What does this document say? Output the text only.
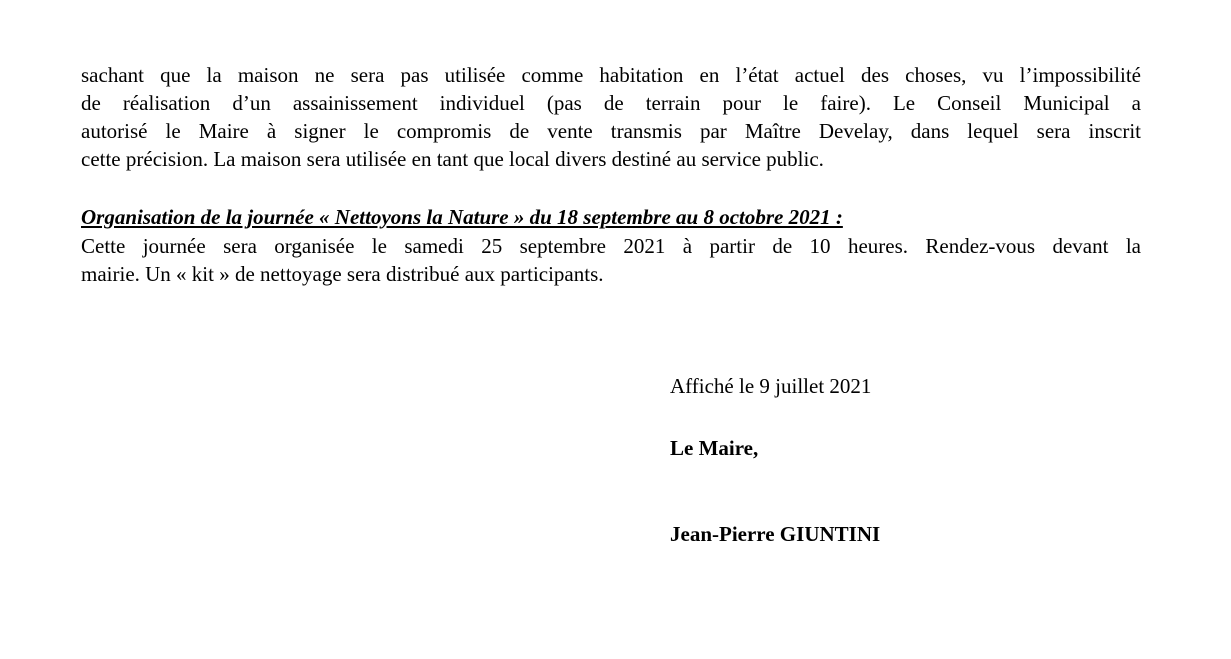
sachant que la maison ne sera pas utilisée comme habitation en l’état actuel des choses, vu l’impossibilité
de réalisation d’un assainissement individuel (pas de terrain pour le faire). Le Conseil Municipal a
autorisé le Maire à signer le compromis de vente transmis par Maître Develay, dans lequel sera inscrit
cette précision. La maison sera utilisée en tant que local divers destiné au service public.

Organisation de la journée « Nettoyons la Nature » du 18 septembre au 8 octobre 2021 :

Cette journée sera organisée le samedi 25 septembre 2021 à partir de 10 heures. Rendez-vous devant la
mairie. Un « kit » de nettoyage sera distribué aux participants.

Affiché le 9 juillet 2021

Le Maire,

Jean-Pierre GIUNTINI
